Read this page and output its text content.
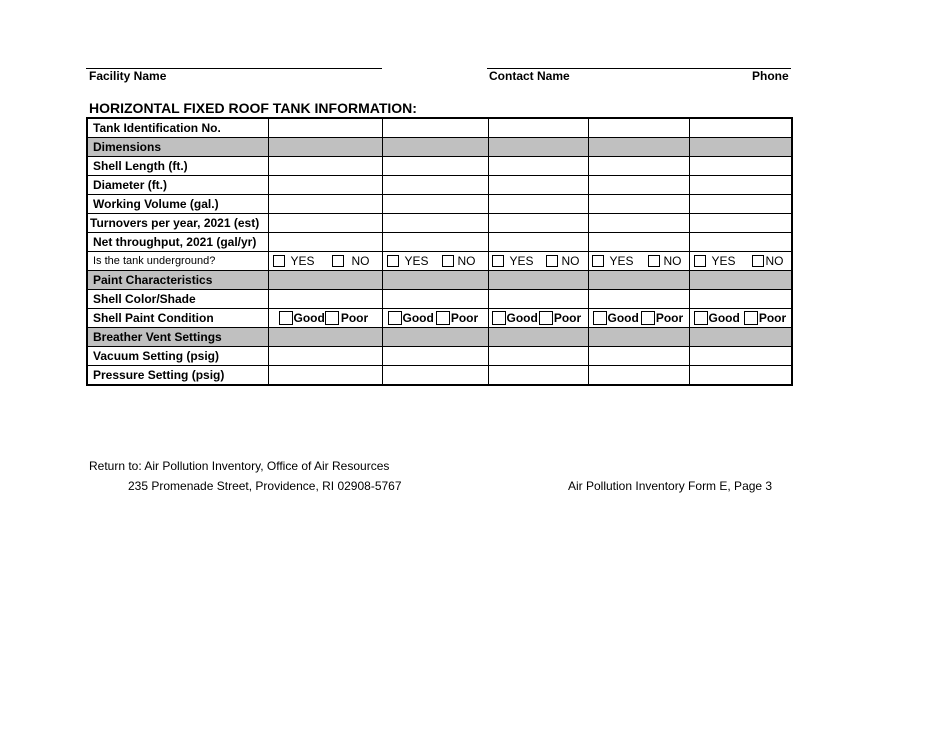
Facility Name	Contact Name	Phone
HORIZONTAL FIXED ROOF TANK INFORMATION:
Tank Identification No.					
Dimensions					
Shell Length (ft.)					
Diameter (ft.)					
Working Volume (gal.)					
Turnovers per year, 2021 (est)					
Net throughput, 2021 (gal/yr)					
Is the tank underground?	YES NO	YES NO	YES NO	YES NO	YES NO

Paint Characteristics					
Shell Color/Shade					
Shell Paint Condition	Good Poor	Good Poor	Good Poor	Good Poor	Good Poor

Breather Vent Settings					
Vacuum Setting (psig)					
Pressure Setting (psig)					
Return to: Air Pollution Inventory, Office of Air Resources
235 Promenade Street, Providence, RI 02908-5767	Air Pollution Inventory Form E, Page 3
